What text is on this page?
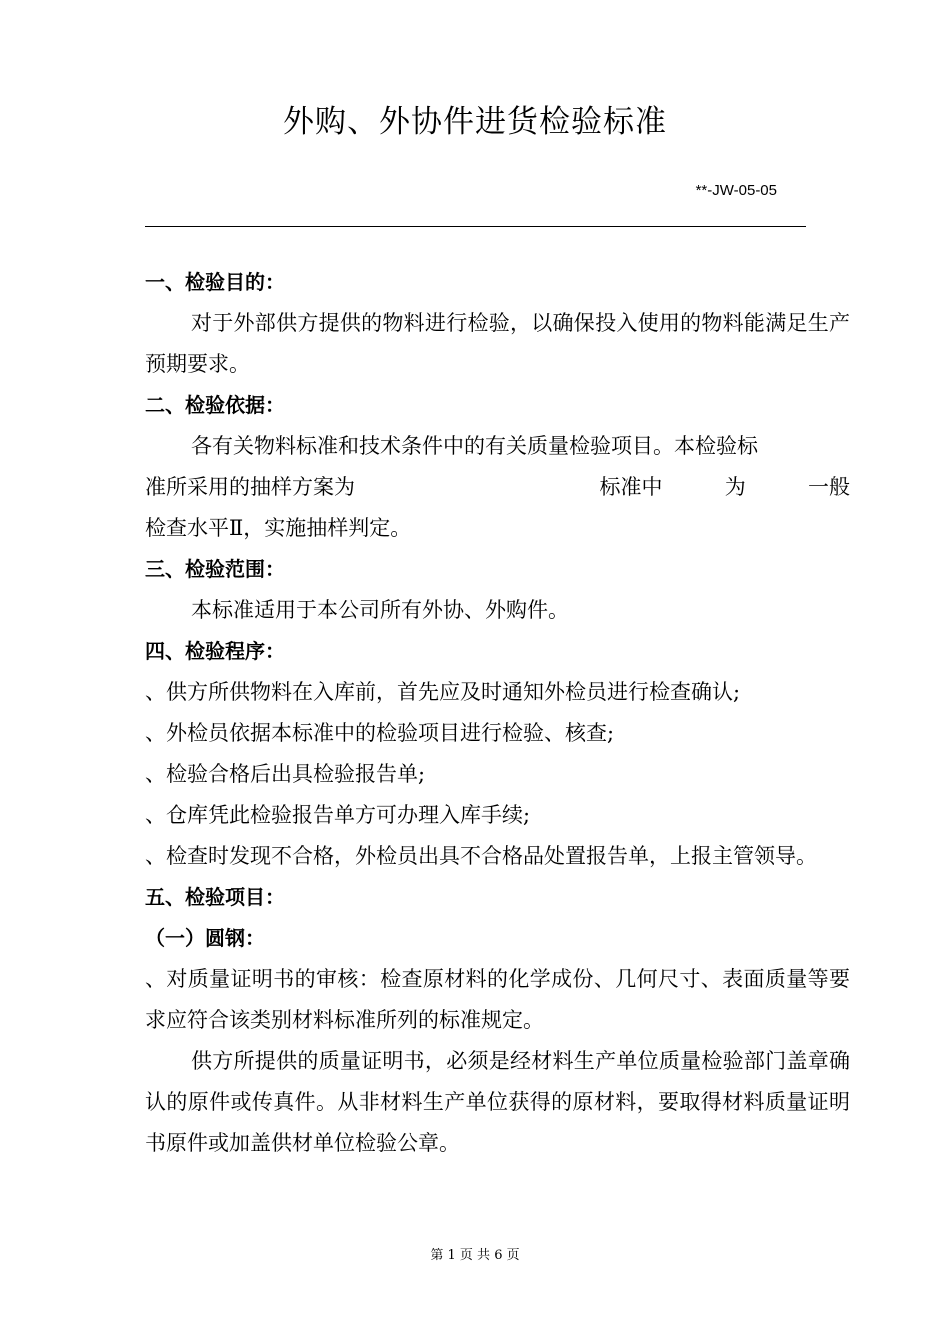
外购、外协件进货检验标准
**-JW-05-05
一、检验目的：

对于外部供方提供的物料进行检验，以确保投入使用的物料能满足生产预期要求。

二、检验依据：

各有关物料标准和技术条件中的有关质量检验项目。本检验标

准所采用的抽样方案为	标准中	为	一般

检查水平Ⅱ，实施抽样判定。

三、检验范围：

本标准适用于本公司所有外协、外购件。

四、检验程序：

、供方所供物料在入库前，首先应及时通知外检员进行检查确认;

、外检员依据本标准中的检验项目进行检验、核查;

、检验合格后出具检验报告单;

、仓库凭此检验报告单方可办理入库手续;

、检查时发现不合格，外检员出具不合格品处置报告单，上报主管领导。

五、检验项目：
（一）圆钢：

、对质量证明书的审核：检查原材料的化学成份、几何尺寸、表面质量等要求应符合该类别材料标准所列的标准规定。

供方所提供的质量证明书，必须是经材料生产单位质量检验部门盖章确认的原件或传真件。从非材料生产单位获得的原材料，要取得材料质量证明书原件或加盖供材单位检验公章。

第 1 页 共 6 页
